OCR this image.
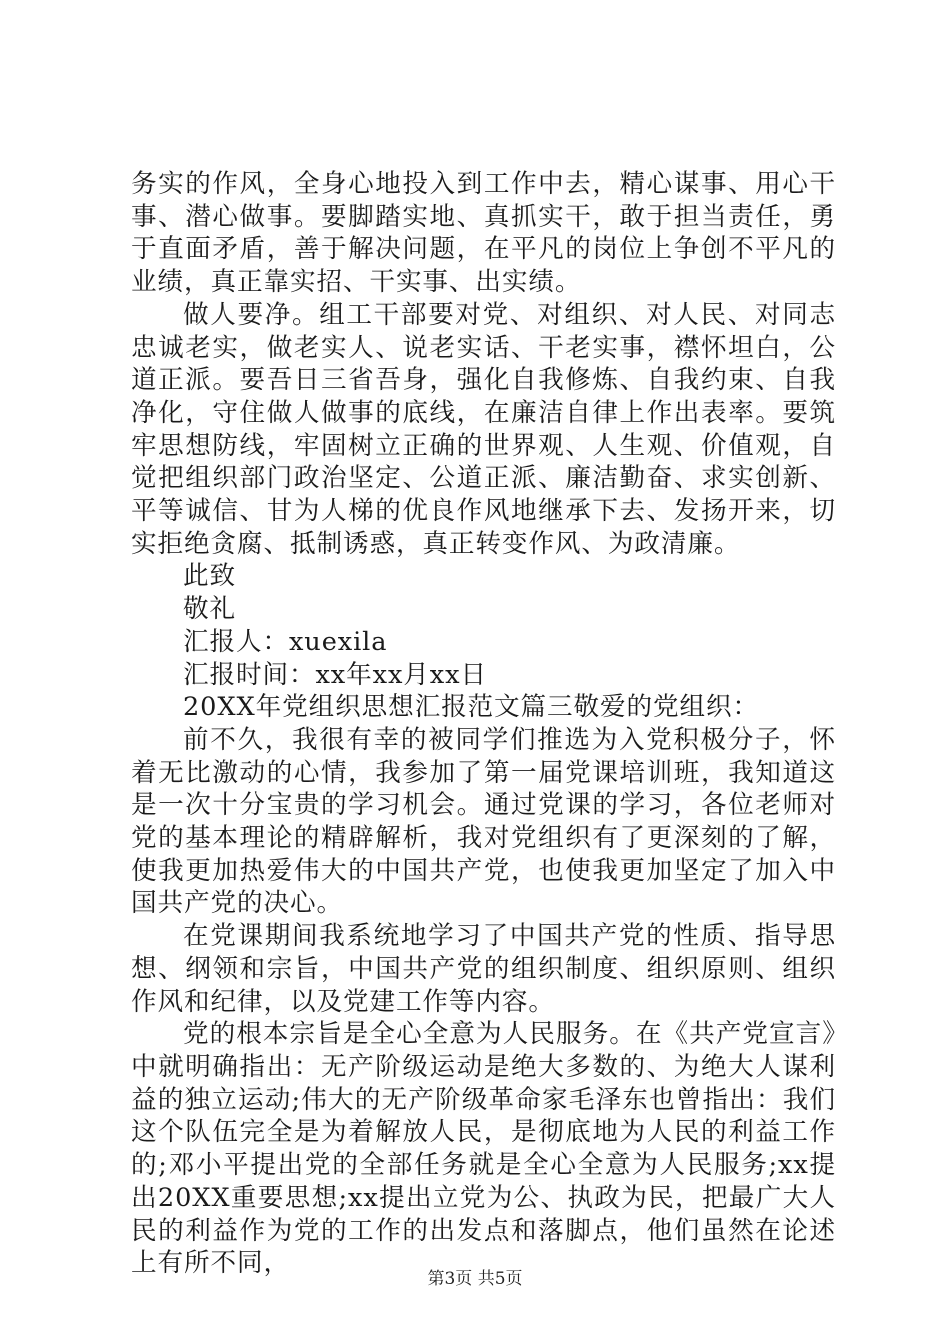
务实的作风，全身心地投入到工作中去，精心谋事、用心干事、潜心做事。要脚踏实地、真抓实干，敢于担当责任，勇于直面矛盾，善于解决问题，在平凡的岗位上争创不平凡的业绩，真正靠实招、干实事、出实绩。

做人要净。组工干部要对党、对组织、对人民、对同志忠诚老实，做老实人、说老实话、干老实事，襟怀坦白，公道正派。要吾日三省吾身，强化自我修炼、自我约束、自我净化，守住做人做事的底线，在廉洁自律上作出表率。要筑牢思想防线，牢固树立正确的世界观、人生观、价值观，自觉把组织部门政治坚定、公道正派、廉洁勤奋、求实创新、平等诚信、甘为人梯的优良作风地继承下去、发扬开来，切实拒绝贪腐、抵制诱惑，真正转变作风、为政清廉。

此致

敬礼

汇报人：xuexila

汇报时间：xx年xx月xx日

20XX年党组织思想汇报范文篇三敬爱的党组织：

前不久，我很有幸的被同学们推选为入党积极分子，怀着无比激动的心情，我参加了第一届党课培训班，我知道这是一次十分宝贵的学习机会。通过党课的学习，各位老师对党的基本理论的精辟解析，我对党组织有了更深刻的了解，使我更加热爱伟大的中国共产党，也使我更加坚定了加入中国共产党的决心。

在党课期间我系统地学习了中国共产党的性质、指导思想、纲领和宗旨，中国共产党的组织制度、组织原则、组织作风和纪律，以及党建工作等内容。

党的根本宗旨是全心全意为人民服务。在《共产党宣言》中就明确指出：无产阶级运动是绝大多数的、为绝大人谋利益的独立运动;伟大的无产阶级革命家毛泽东也曾指出：我们这个队伍完全是为着解放人民，是彻底地为人民的利益工作的;邓小平提出党的全部任务就是全心全意为人民服务;xx提出20XX重要思想;xx提出立党为公、执政为民，把最广大人民的利益作为党的工作的出发点和落脚点，他们虽然在论述上有所不同，

第3页 共5页
